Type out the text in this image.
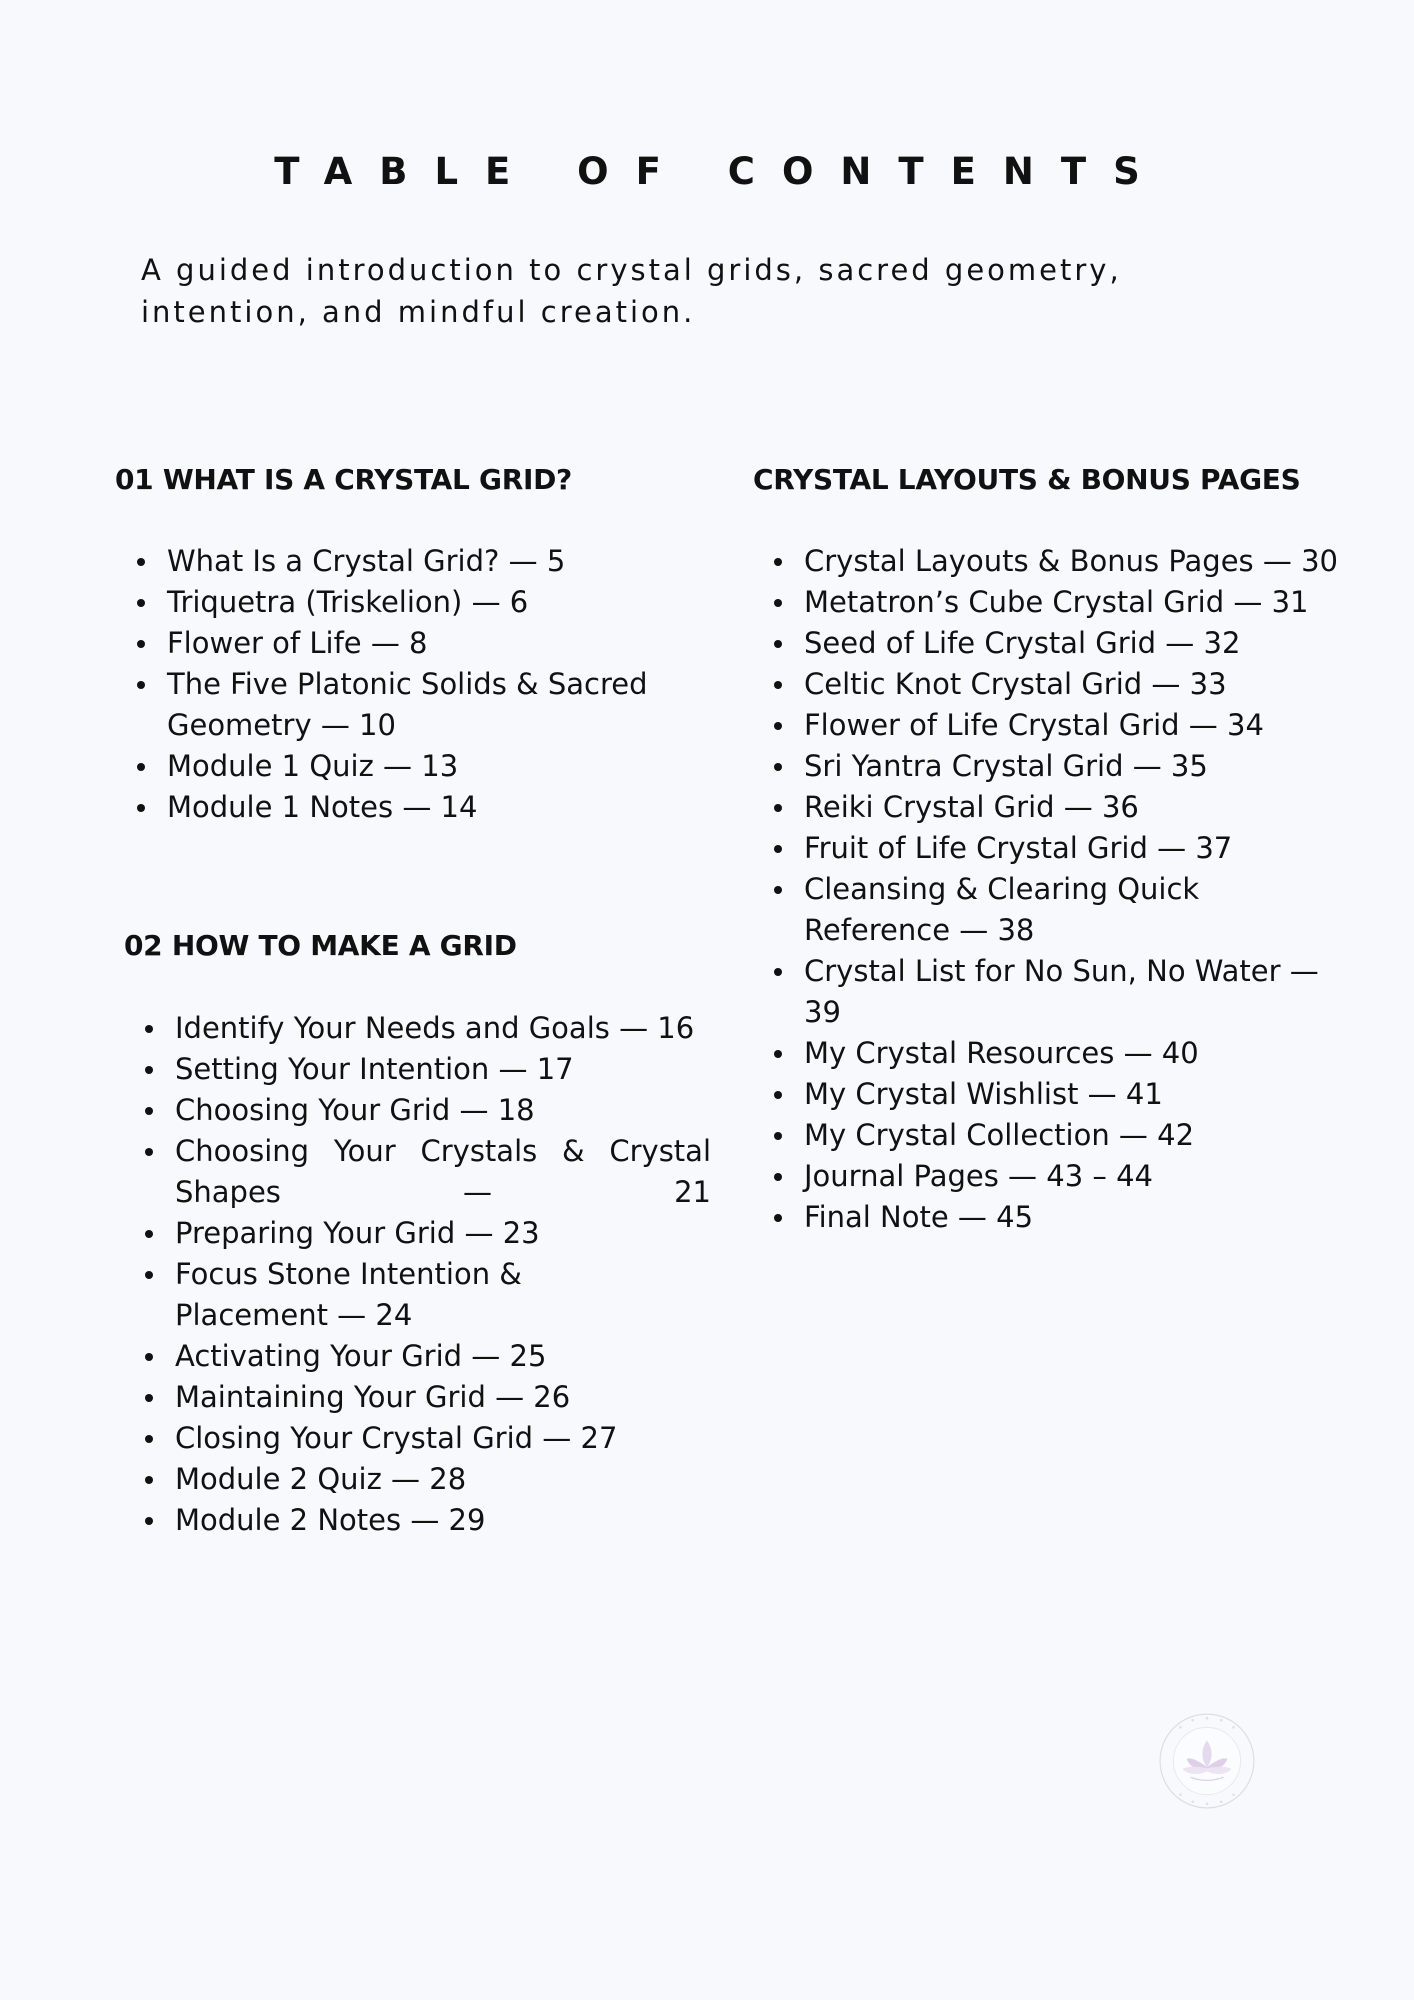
TABLE OF CONTENTS

A guided introduction to crystal grids, sacred geometry, intention, and mindful creation.

01 WHAT IS A CRYSTAL GRID?
What Is a Crystal Grid? — 5
Triquetra (Triskelion) — 6
Flower of Life — 8
The Five Platonic Solids & Sacred Geometry — 10
Module 1 Quiz — 13
Module 1 Notes — 14
02 HOW TO MAKE A GRID
Identify Your Needs and Goals — 16
Setting Your Intention — 17
Choosing Your Grid — 18
Choosing Your Crystals & Crystal
Shapes — 21
Preparing Your Grid — 23
Focus Stone Intention & Placement — 24
Activating Your Grid — 25
Maintaining Your Grid — 26
Closing Your Crystal Grid — 27
Module 2 Quiz — 28
Module 2 Notes — 29
CRYSTAL LAYOUTS & BONUS PAGES
Crystal Layouts & Bonus Pages — 30
Metatron’s Cube Crystal Grid — 31
Seed of Life Crystal Grid — 32
Celtic Knot Crystal Grid — 33
Flower of Life Crystal Grid — 34
Sri Yantra Crystal Grid — 35
Reiki Crystal Grid — 36
Fruit of Life Crystal Grid — 37
Cleansing & Clearing Quick Reference — 38
Crystal List for No Sun, No Water — 39
My Crystal Resources — 40
My Crystal Wishlist — 41
My Crystal Collection — 42
Journal Pages — 43 – 44
Final Note — 45
